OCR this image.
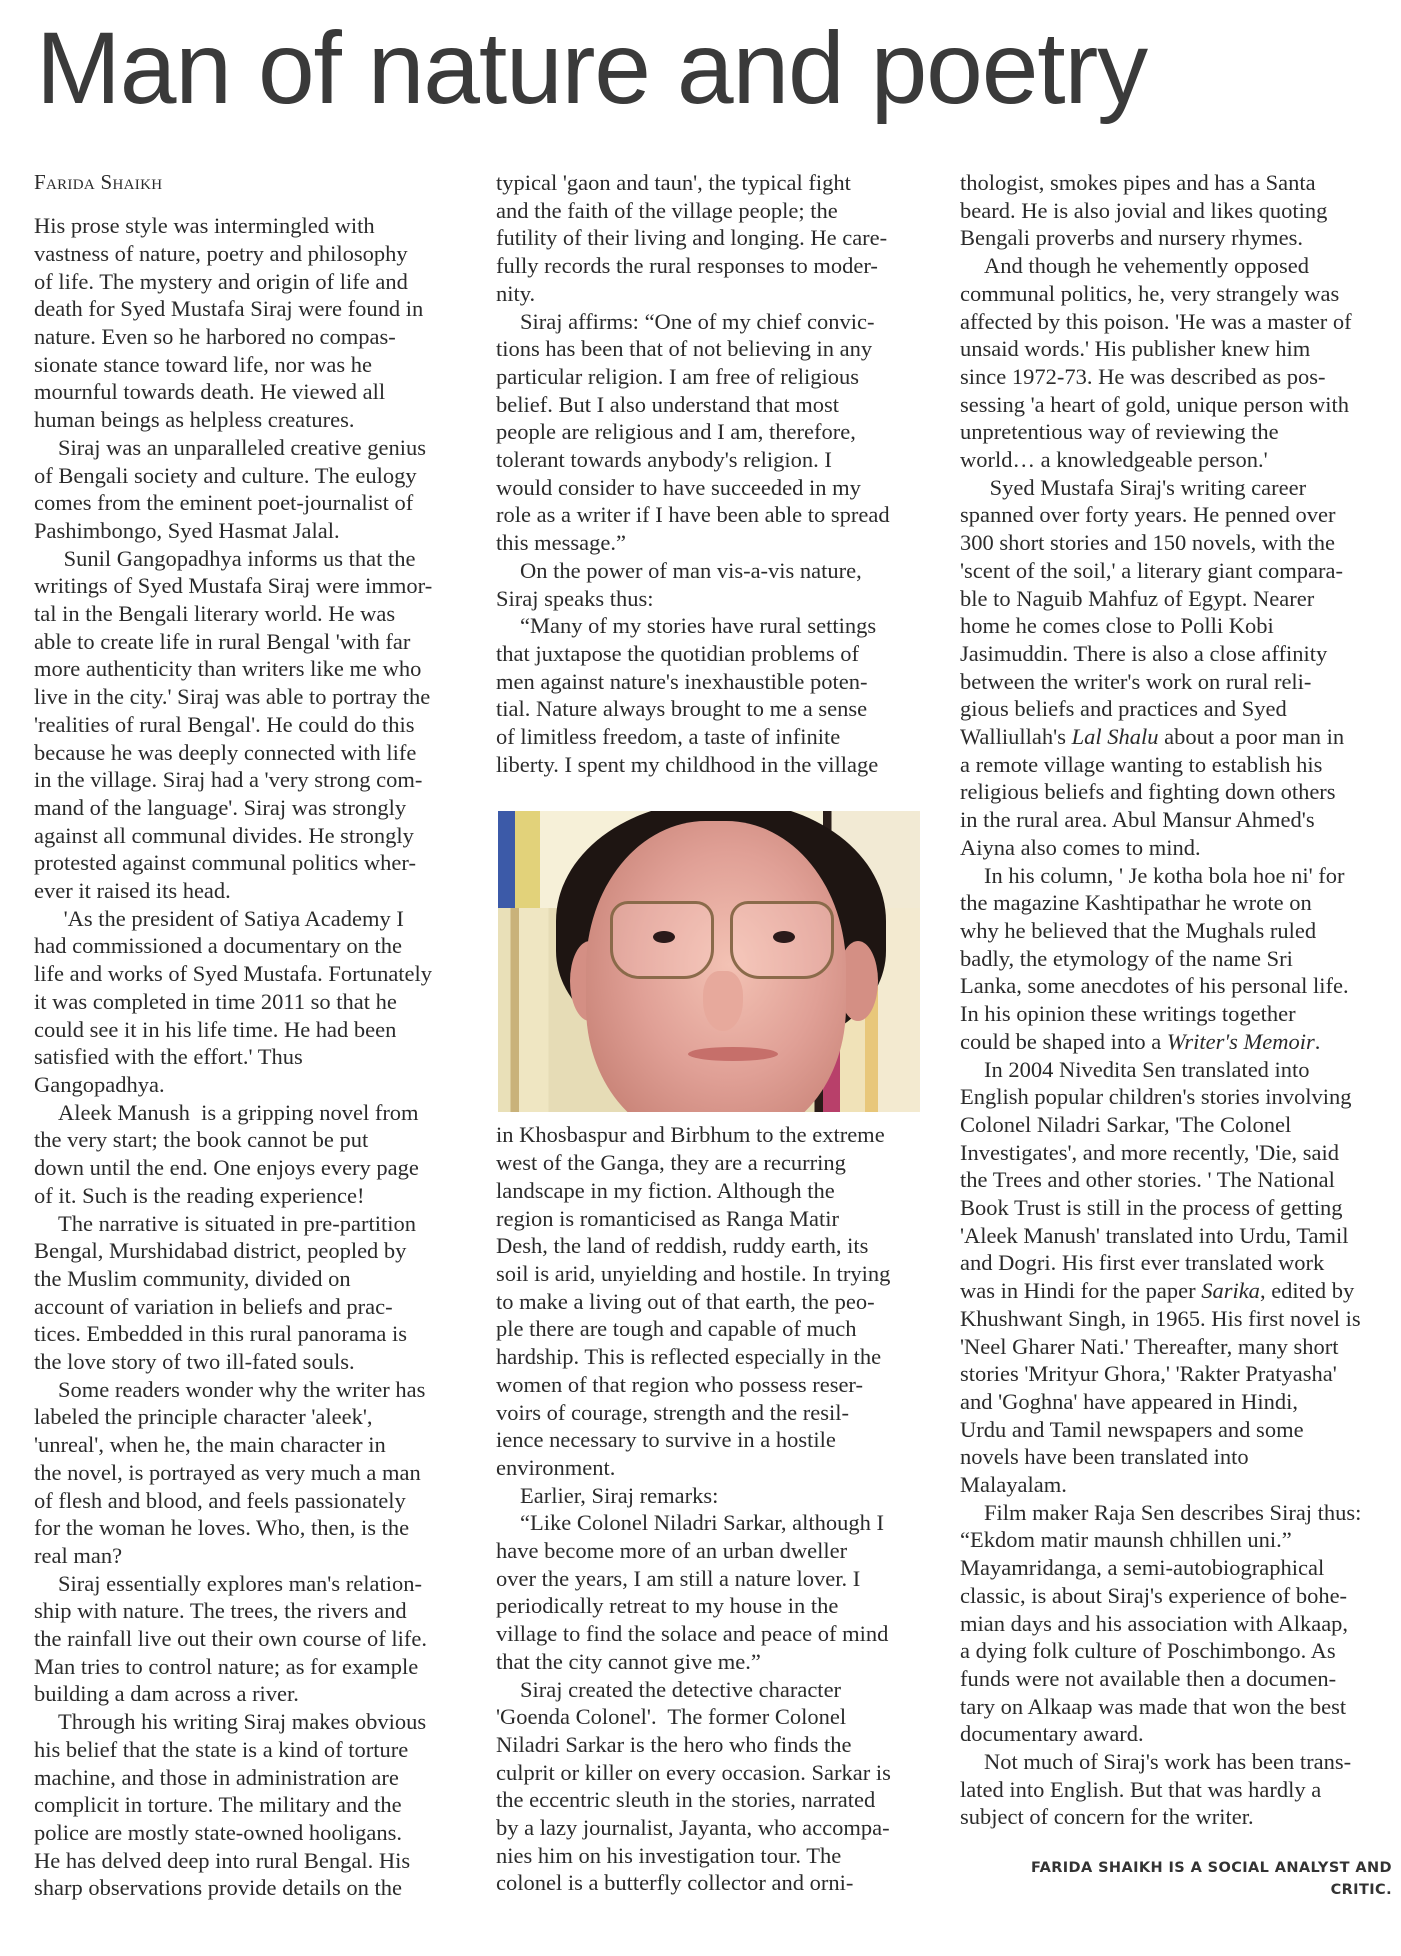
Man of nature and poetry
Farida Shaikh
His prose style was intermingled with
vastness of nature, poetry and philosophy
of life. The mystery and origin of life and
death for Syed Mustafa Siraj were found in
nature. Even so he harbored no compas-
sionate stance toward life, nor was he
mournful towards death. He viewed all
human beings as helpless creatures.
Siraj was an unparalleled creative genius
of Bengali society and culture. The eulogy
comes from the eminent poet-journalist of
Pashimbongo, Syed Hasmat Jalal.
Sunil Gangopadhya informs us that the
writings of Syed Mustafa Siraj were immor-
tal in the Bengali literary world. He was
able to create life in rural Bengal 'with far
more authenticity than writers like me who
live in the city.' Siraj was able to portray the
'realities of rural Bengal'. He could do this
because he was deeply connected with life
in the village. Siraj had a 'very strong com-
mand of the language'. Siraj was strongly
against all communal divides. He strongly
protested against communal politics wher-
ever it raised its head.
'As the president of Satiya Academy I
had commissioned a documentary on the
life and works of Syed Mustafa. Fortunately
it was completed in time 2011 so that he
could see it in his life time. He had been
satisfied with the effort.' Thus
Gangopadhya.
Aleek Manush  is a gripping novel from
the very start; the book cannot be put
down until the end. One enjoys every page
of it. Such is the reading experience!
The narrative is situated in pre-partition
Bengal, Murshidabad district, peopled by
the Muslim community, divided on
account of variation in beliefs and prac-
tices. Embedded in this rural panorama is
the love story of two ill-fated souls.
Some readers wonder why the writer has
labeled the principle character 'aleek',
'unreal', when he, the main character in
the novel, is portrayed as very much a man
of flesh and blood, and feels passionately
for the woman he loves. Who, then, is the
real man?
Siraj essentially explores man's relation-
ship with nature. The trees, the rivers and
the rainfall live out their own course of life.
Man tries to control nature; as for example
building a dam across a river.
Through his writing Siraj makes obvious
his belief that the state is a kind of torture
machine, and those in administration are
complicit in torture. The military and the
police are mostly state-owned hooligans.
He has delved deep into rural Bengal. His
sharp observations provide details on the
typical 'gaon and taun', the typical fight
and the faith of the village people; the
futility of their living and longing. He care-
fully records the rural responses to moder-
nity.
Siraj affirms: “One of my chief convic-
tions has been that of not believing in any
particular religion. I am free of religious
belief. But I also understand that most
people are religious and I am, therefore,
tolerant towards anybody's religion. I
would consider to have succeeded in my
role as a writer if I have been able to spread
this message.”
On the power of man vis-a-vis nature,
Siraj speaks thus:
“Many of my stories have rural settings
that juxtapose the quotidian problems of
men against nature's inexhaustible poten-
tial. Nature always brought to me a sense
of limitless freedom, a taste of infinite
liberty. I spent my childhood in the village
in Khosbaspur and Birbhum to the extreme
west of the Ganga, they are a recurring
landscape in my fiction. Although the
region is romanticised as Ranga Matir
Desh, the land of reddish, ruddy earth, its
soil is arid, unyielding and hostile. In trying
to make a living out of that earth, the peo-
ple there are tough and capable of much
hardship. This is reflected especially in the
women of that region who possess reser-
voirs of courage, strength and the resil-
ience necessary to survive in a hostile
environment.
Earlier, Siraj remarks:
“Like Colonel Niladri Sarkar, although I
have become more of an urban dweller
over the years, I am still a nature lover. I
periodically retreat to my house in the
village to find the solace and peace of mind
that the city cannot give me.”
Siraj created the detective character
'Goenda Colonel'.  The former Colonel
Niladri Sarkar is the hero who finds the
culprit or killer on every occasion. Sarkar is
the eccentric sleuth in the stories, narrated
by a lazy journalist, Jayanta, who accompa-
nies him on his investigation tour. The
colonel is a butterfly collector and orni-
thologist, smokes pipes and has a Santa
beard. He is also jovial and likes quoting
Bengali proverbs and nursery rhymes.
And though he vehemently opposed
communal politics, he, very strangely was
affected by this poison. 'He was a master of
unsaid words.' His publisher knew him
since 1972-73. He was described as pos-
sessing 'a heart of gold, unique person with
unpretentious way of reviewing the
world… a knowledgeable person.'
Syed Mustafa Siraj's writing career
spanned over forty years. He penned over
300 short stories and 150 novels, with the
'scent of the soil,' a literary giant compara-
ble to Naguib Mahfuz of Egypt. Nearer
home he comes close to Polli Kobi
Jasimuddin. There is also a close affinity
between the writer's work on rural reli-
gious beliefs and practices and Syed
Walliullah's Lal Shalu about a poor man in
a remote village wanting to establish his
religious beliefs and fighting down others
in the rural area. Abul Mansur Ahmed's
Aiyna also comes to mind.
In his column, ' Je kotha bola hoe ni' for
the magazine Kashtipathar he wrote on
why he believed that the Mughals ruled
badly, the etymology of the name Sri
Lanka, some anecdotes of his personal life.
In his opinion these writings together
could be shaped into a Writer's Memoir.
In 2004 Nivedita Sen translated into
English popular children's stories involving
Colonel Niladri Sarkar, 'The Colonel
Investigates', and more recently, 'Die, said
the Trees and other stories. ' The National
Book Trust is still in the process of getting
'Aleek Manush' translated into Urdu, Tamil
and Dogri. His first ever translated work
was in Hindi for the paper Sarika, edited by
Khushwant Singh, in 1965. His first novel is
'Neel Gharer Nati.' Thereafter, many short
stories 'Mrityur Ghora,' 'Rakter Pratyasha'
and 'Goghna' have appeared in Hindi,
Urdu and Tamil newspapers and some
novels have been translated into
Malayalam.
Film maker Raja Sen describes Siraj thus:
“Ekdom matir maunsh chhillen uni.”
Mayamridanga, a semi-autobiographical
classic, is about Siraj's experience of bohe-
mian days and his association with Alkaap,
a dying folk culture of Poschimbongo. As
funds were not available then a documen-
tary on Alkaap was made that won the best
documentary award.
Not much of Siraj's work has been trans-
lated into English. But that was hardly a
subject of concern for the writer.
FARIDA SHAIKH IS A SOCIAL ANALYST AND
CRITIC.
